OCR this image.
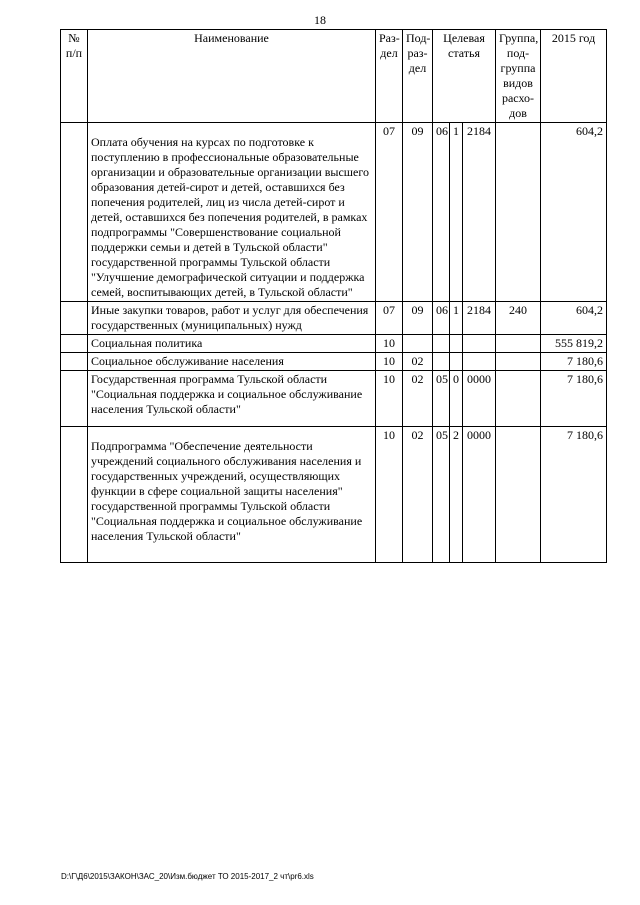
18
№ п/п	Наименование	Раз-дел	Под-раз-дел	Целевая статья			Группа, под-группа видов расхо-дов	2015 год
	Оплата обучения на курсах по подготовке к поступлению в профессиональные образовательные организации и образовательные организации высшего образования детей-сирот и детей, оставшихся без попечения родителей, лиц из числа детей-сирот и детей, оставшихся без попечения родителей, в рамках подпрограммы "Совершенствование социальной поддержки семьи и детей в Тульской области" государственной программы Тульской области "Улучшение демографической ситуации и поддержка семей, воспитывающих детей, в Тульской области"	07	09	06	1	2184		604,2
	Иные закупки товаров, работ и услуг для обеспечения государственных (муниципальных) нужд	07	09	06	1	2184	240	604,2
	Социальная политика	10						555 819,2
	Социальное обслуживание населения	10	02					7 180,6
	Государственная программа Тульской области "Социальная поддержка и социальное обслуживание населения Тульской области"	10	02	05	0	0000		7 180,6
	Подпрограмма "Обеспечение деятельности учреждений социального обслуживания населения и государственных учреждений, осуществляющих функции в сфере социальной защиты населения" государственной программы Тульской области "Социальная поддержка и социальное обслуживание населения Тульской области"	10	02	05	2	0000		7 180,6
D:\Г\Д6\2015\ЗАКОН\ЗАС_20\Изм.бюджет ТО 2015-2017_2 чт\pr6.xls
